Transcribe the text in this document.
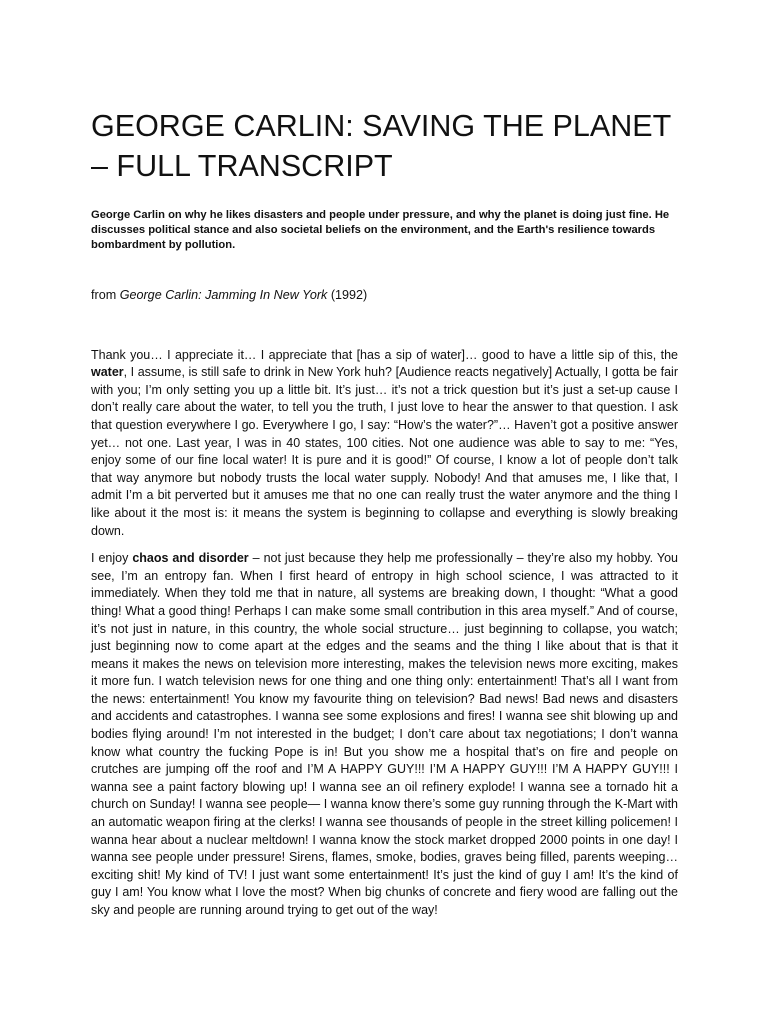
GEORGE CARLIN: SAVING THE PLANET
– FULL TRANSCRIPT

George Carlin on why he likes disasters and people under pressure, and why the planet is doing just fine. He discusses political stance and also societal beliefs on the environment, and the Earth's resilience towards bombardment by pollution.

from George Carlin: Jamming In New York (1992)

Thank you… I appreciate it… I appreciate that [has a sip of water]… good to have a little sip of this, the water, I assume, is still safe to drink in New York huh? [Audience reacts negatively] Actually, I gotta be fair with you; I’m only setting you up a little bit. It’s just… it’s not a trick question but it’s just a set-up cause I don’t really care about the water, to tell you the truth, I just love to hear the answer to that question. I ask that question everywhere I go. Everywhere I go, I say: “How’s the water?”… Haven’t got a positive answer yet… not one. Last year, I was in 40 states, 100 cities. Not one audience was able to say to me: “Yes, enjoy some of our fine local water! It is pure and it is good!” Of course, I know a lot of people don’t talk that way anymore but nobody trusts the local water supply. Nobody! And that amuses me, I like that, I admit I’m a bit perverted but it amuses me that no one can really trust the water anymore and the thing I like about it the most is: it means the system is beginning to collapse and everything is slowly breaking down.

I enjoy chaos and disorder – not just because they help me professionally – they’re also my hobby. You see, I’m an entropy fan. When I first heard of entropy in high school science, I was attracted to it immediately. When they told me that in nature, all systems are breaking down, I thought: “What a good thing! What a good thing! Perhaps I can make some small contribution in this area myself.” And of course, it’s not just in nature, in this country, the whole social structure… just beginning to collapse, you watch; just beginning now to come apart at the edges and the seams and the thing I like about that is that it means it makes the news on television more interesting, makes the television news more exciting, makes it more fun. I watch television news for one thing and one thing only: entertainment! That’s all I want from the news: entertainment! You know my favourite thing on television? Bad news! Bad news and disasters and accidents and catastrophes. I wanna see some explosions and fires! I wanna see shit blowing up and bodies flying around! I’m not interested in the budget; I don’t care about tax negotiations; I don’t wanna know what country the fucking Pope is in! But you show me a hospital that’s on fire and people on crutches are jumping off the roof and I’M A HAPPY GUY!!! I’M A HAPPY GUY!!! I’M A HAPPY GUY!!! I wanna see a paint factory blowing up! I wanna see an oil refinery explode! I wanna see a tornado hit a church on Sunday! I wanna see people— I wanna know there’s some guy running through the K-Mart with an automatic weapon firing at the clerks! I wanna see thousands of people in the street killing policemen! I wanna hear about a nuclear meltdown! I wanna know the stock market dropped 2000 points in one day! I wanna see people under pressure! Sirens, flames, smoke, bodies, graves being filled, parents weeping… exciting shit! My kind of TV! I just want some entertainment! It’s just the kind of guy I am! It’s the kind of guy I am! You know what I love the most? When big chunks of concrete and fiery wood are falling out the sky and people are running around trying to get out of the way!
